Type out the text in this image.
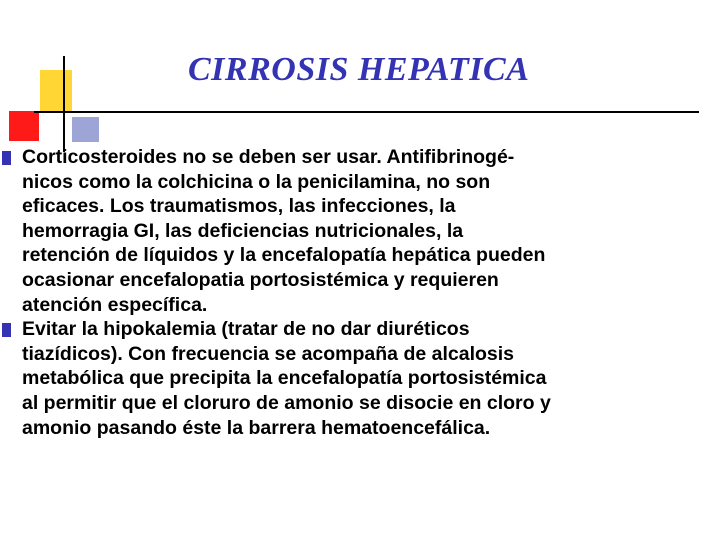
CIRROSIS HEPATICA
Corticosteroides no se deben ser usar. Antifibrinogé-
nicos como la colchicina o la penicilamina, no son
eficaces. Los traumatismos, las infecciones, la
hemorragia GI, las deficiencias nutricionales, la
retención de líquidos y la encefalopatía hepática pueden
ocasionar encefalopatia portosistémica y requieren
atención específica.
Evitar la hipokalemia (tratar de no dar diuréticos
tiazídicos). Con frecuencia se acompaña de alcalosis
metabólica que precipita la encefalopatía portosistémica
al permitir que el cloruro de amonio se disocie en cloro y
amonio pasando éste la barrera hematoencefálica.
